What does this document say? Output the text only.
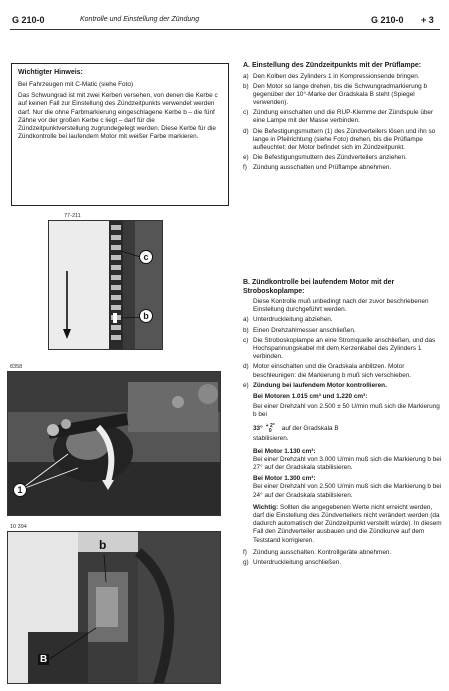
G 210-0	Kontrolle und Einstellung der Zündung	G 210-0 + 3
Wichtigter Hinweis:
Bei Fahrzeugen mit C-Matic (siehe Foto)
Das Schwungrad ist mit zwei Kerben versehen, von denen die Kerbe c auf keinen Fall zur Einstellung des Zündzeitpunkts verwendet werden darf. Nur die ohne Farbmarkierung eingeschlagene Kerbe b – die fünf Zähne vor der großen Kerbe c liegt – darf für die Zündzeitpunktverstellung zugrundegelegt werden. Diese Kerbe für die Zündkontrolle bei laufendem Motor mit weißer Farbe markieren.
77-211
c
b
8358
1
10 394
b
B
A. Einstellung des Zündzeitpunkts mit der Prüflampe:
a) Den Kolben des Zylinders 1 in Kompressionsende bringen.
b) Den Motor so lange drehen, bis die Schwungradmarkierung b gegenüber der 10°-Marke der Gradskala B steht (Spiegel verwenden).
c) Zündung einschalten und die RUP-Klemme der Zündspule über eine Lampe mit der Masse verbinden.
d) Die Befestigungsmuttern (1) des Zündverteilers lösen und ihn so lange in Pfeilrichtung (siehe Foto) drehen, bis die Prüflampe aufleuchtet: der Motor befindet sich im Zündzeitpunkt.
e) Die Befestigungsmuttern des Zündverteilers anziehen.
f) Zündung ausschalten und Prüflampe abnehmen.
B. Zündkontrolle bei laufendem Motor mit der Stroboskoplampe:
Diese Kontrolle muß unbedingt nach der zuvor beschriebenen Einstellung durchgeführt werden.
a) Unterdruckleitung abziehen.
b) Einen Drehzahlmesser anschließen.
c) Die Stroboskoplampe an eine Stromquelle anschließen, und das Hochspannungskabel mit dem Kerzenkabel des Zylinders 1 verbinden.
d) Motor einschalten und die Gradskala anblitzen. Motor beschleunigen: die Markierung b muß sich verschieben.
e) Zündung bei laufendem Motor kontrollieren.
Bei Motoren 1.015 cm³ und 1.220 cm³:
Bei einer Drehzahl von 2.500 ± 50 U/min muß sich die Markierung b bei
33° + 2°
0	auf der Gradskala B
stabilisieren.
Bei Motor 1.130 cm³:
Bei einer Drehzahl von 3.000 U/min muß sich die Markierung b bei 27° auf der Gradskala stabilisieren.
Bei Motor 1.300 cm³:
Bei einer Drehzahl von 2.500 U/min muß sich die Markierung b bei 24° auf der Gradskala stabilisieren.
Wichtig: Sollten die angegebenen Werte nicht erreicht werden, darf die Einstellung des Zündverteilers nicht verändert werden (da dadurch automatisch der Zündzeitpunkt verstellt würde). In diesem Fall den Zündverteiler ausbauen und die Zündkurve auf dem Teststand korrigieren.
f) Zündung ausschalten. Kontrollgeräte abnehmen.
g) Unterdruckleitung anschließen.
